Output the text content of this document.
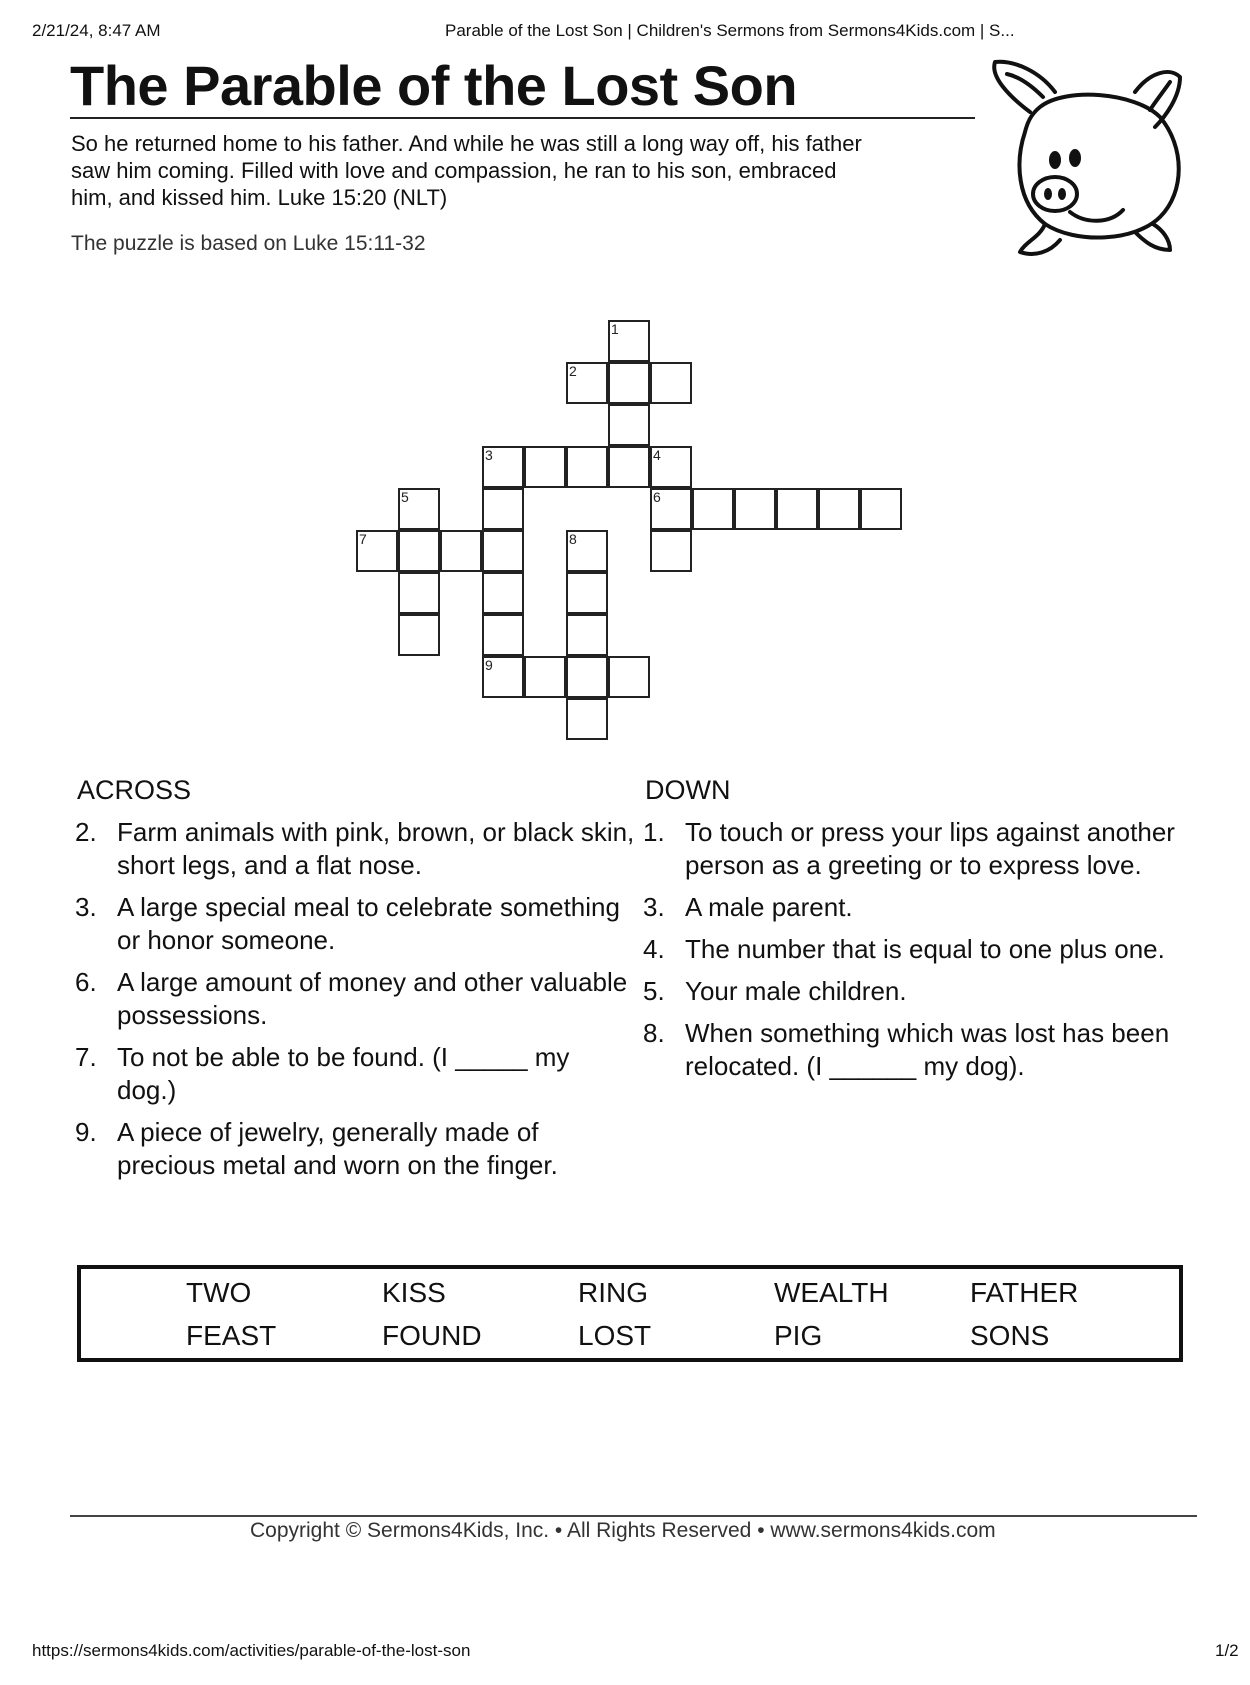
2/21/24, 8:47 AM	Parable of the Lost Son | Children's Sermons from Sermons4Kids.com | S...
The Parable of the Lost Son
So he returned home to his father. And while he was still a long way off, his father
saw him coming. Filled with love and compassion, he ran to his son, embraced
him, and kissed him. Luke 15:20 (NLT)
The puzzle is based on Luke 15:11-32
1
2
3	4
5	6
7	8
9
ACROSS	DOWN
2. Farm animals with pink, brown, or black skin, short legs, and a flat nose.
3. A large special meal to celebrate something or honor someone.
6. A large amount of money and other valuable possessions.
7. To not be able to be found. (I _____ my dog.)
9. A piece of jewelry, generally made of precious metal and worn on the finger.
1. To touch or press your lips against another person as a greeting or to express love.
3. A male parent.
4. The number that is equal to one plus one.
5. Your male children.
8. When something which was lost has been relocated. (I ______ my dog).
TWO	KISS	RING	WEALTH	FATHER
FEAST	FOUND	LOST	PIG	SONS
Copyright © Sermons4Kids, Inc. • All Rights Reserved • www.sermons4kids.com
https://sermons4kids.com/activities/parable-of-the-lost-son	1/2
